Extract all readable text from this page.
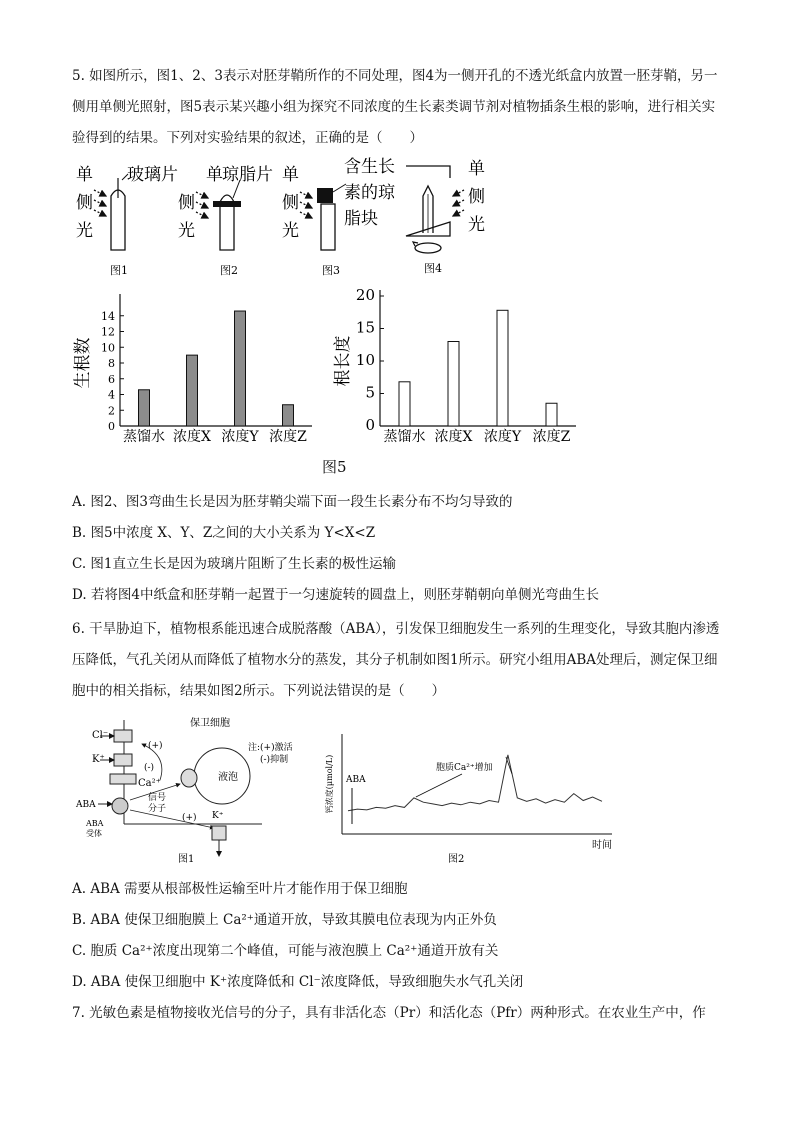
5. 如图所示，图1、2、3表示对胚芽鞘所作的不同处理，图4为一侧开孔的不透光纸盒内放置一胚芽鞘，另一侧用单侧光照射，图5表示某兴趣小组为探究不同浓度的生长素类调节剂对植物插条生根的影响，进行相关实验得到的结果。下列对实验结果的叙述，正确的是（　　）

单
侧
光
玻璃片
图1
单
侧
光
琼脂片
图2
单
侧
光
含生长
素的琼
脂块
图3
单
侧
光
图4
0
2
4
6
8
10
12
14
蒸馏水 浓度X 浓度Y 浓度Z
生根数
0
5
10
15
20
蒸馏水 浓度X 浓度Y 浓度Z
根长度
图5
A. 图2、图3弯曲生长是因为胚芽鞘尖端下面一段生长素分布不均匀导致的
B. 图5中浓度 X、Y、Z之间的大小关系为 Y<X<Z
C. 图1直立生长是因为玻璃片阻断了生长素的极性运输
D. 若将图4中纸盒和胚芽鞘一起置于一匀速旋转的圆盘上，则胚芽鞘朝向单侧光弯曲生长

6. 干旱胁迫下，植物根系能迅速合成脱落酸（ABA），引发保卫细胞发生一系列的生理变化，导致其胞内渗透压降低，气孔关闭从而降低了植物水分的蒸发，其分子机制如图1所示。研究小组用ABA处理后，测定保卫细胞中的相关指标，结果如图2所示。下列说法错误的是（　　）

保卫细胞
Cl⁻
K⁺
(+)
(-)
Ca²⁺
ABA
ABA
受体
信号
分子
(+)
液泡
K⁺
注:(+)激活
(-)抑制
图1
钙浓度(μmol/L)
时间
ABA
胞质Ca²⁺增加
图2
A. ABA 需要从根部极性运输至叶片才能作用于保卫细胞
B. ABA 使保卫细胞膜上 Ca²⁺通道开放，导致其膜电位表现为内正外负
C. 胞质 Ca²⁺浓度出现第二个峰值，可能与液泡膜上 Ca²⁺通道开放有关
D. ABA 使保卫细胞中 K⁺浓度降低和 Cl⁻浓度降低，导致细胞失水气孔关闭
7. 光敏色素是植物接收光信号的分子，具有非活化态（Pr）和活化态（Pfr）两种形式。在农业生产中，作
